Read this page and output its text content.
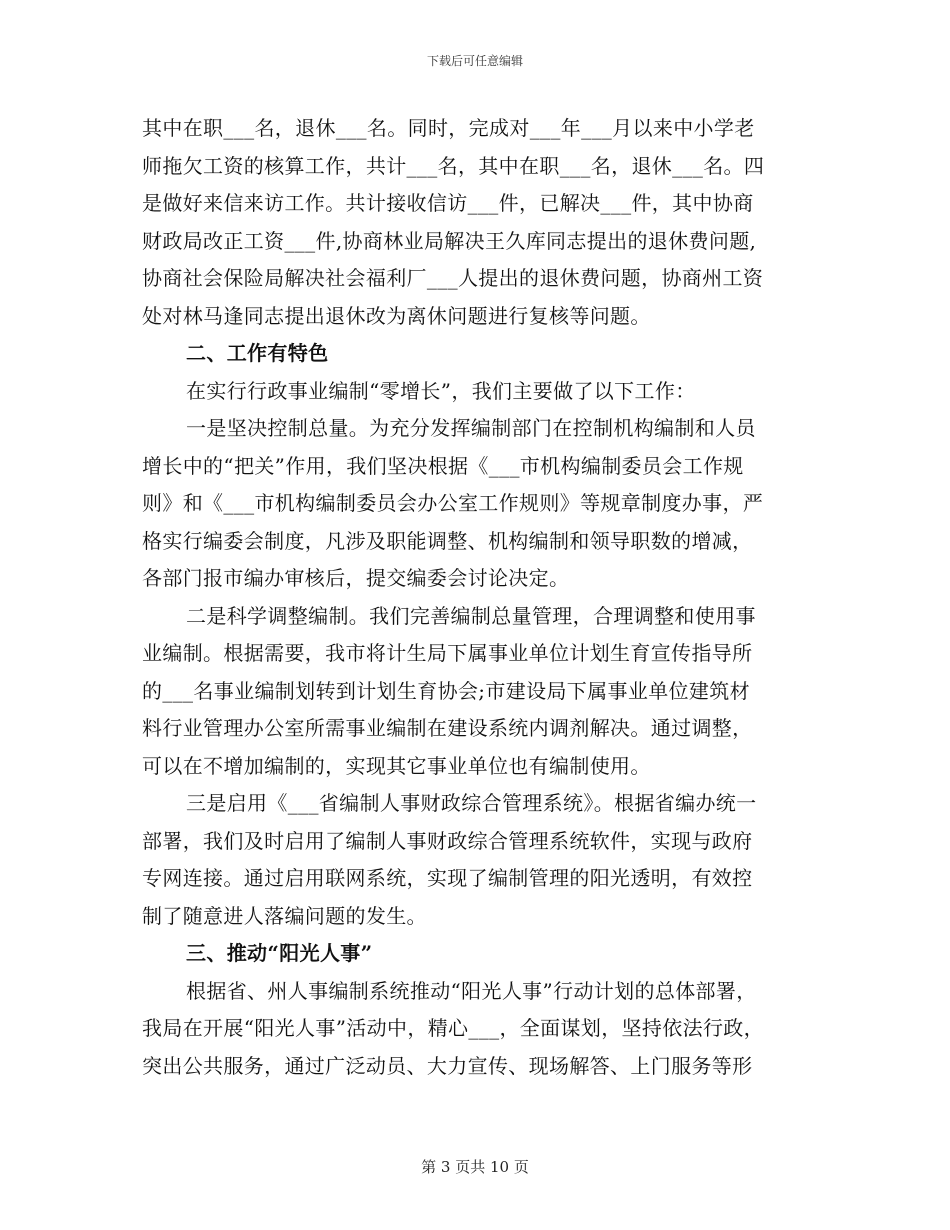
下载后可任意编辑
其中在职___名，退休___名。同时，完成对___年___月以来中小学老
师拖欠工资的核算工作，共计___名，其中在职___名，退休___名。四
是做好来信来访工作。共计接收信访___件，已解决___件，其中协商
财政局改正工资___件,协商林业局解决王久库同志提出的退休费问题,
协商社会保险局解决社会福利厂___人提出的退休费问题，协商州工资
处对林马逢同志提出退休改为离休问题进行复核等问题。
二、工作有特色
在实行行政事业编制“零增长”，我们主要做了以下工作：
一是坚决控制总量。为充分发挥编制部门在控制机构编制和人员
增长中的“把关”作用，我们坚决根据《___市机构编制委员会工作规
则》和《___市机构编制委员会办公室工作规则》等规章制度办事，严
格实行编委会制度，凡涉及职能调整、机构编制和领导职数的增减，
各部门报市编办审核后，提交编委会讨论决定。
二是科学调整编制。我们完善编制总量管理，合理调整和使用事
业编制。根据需要，我市将计生局下属事业单位计划生育宣传指导所
的___名事业编制划转到计划生育协会;市建设局下属事业单位建筑材
料行业管理办公室所需事业编制在建设系统内调剂解决。通过调整，
可以在不增加编制的，实现其它事业单位也有编制使用。
三是启用《___省编制人事财政综合管理系统》。根据省编办统一
部署，我们及时启用了编制人事财政综合管理系统软件，实现与政府
专网连接。通过启用联网系统，实现了编制管理的阳光透明，有效控
制了随意进人落编问题的发生。
三、推动“阳光人事”
根据省、州人事编制系统推动“阳光人事”行动计划的总体部署，
我局在开展“阳光人事”活动中，精心___，全面谋划，坚持依法行政，
突出公共服务，通过广泛动员、大力宣传、现场解答、上门服务等形
第 3 页共 10 页
